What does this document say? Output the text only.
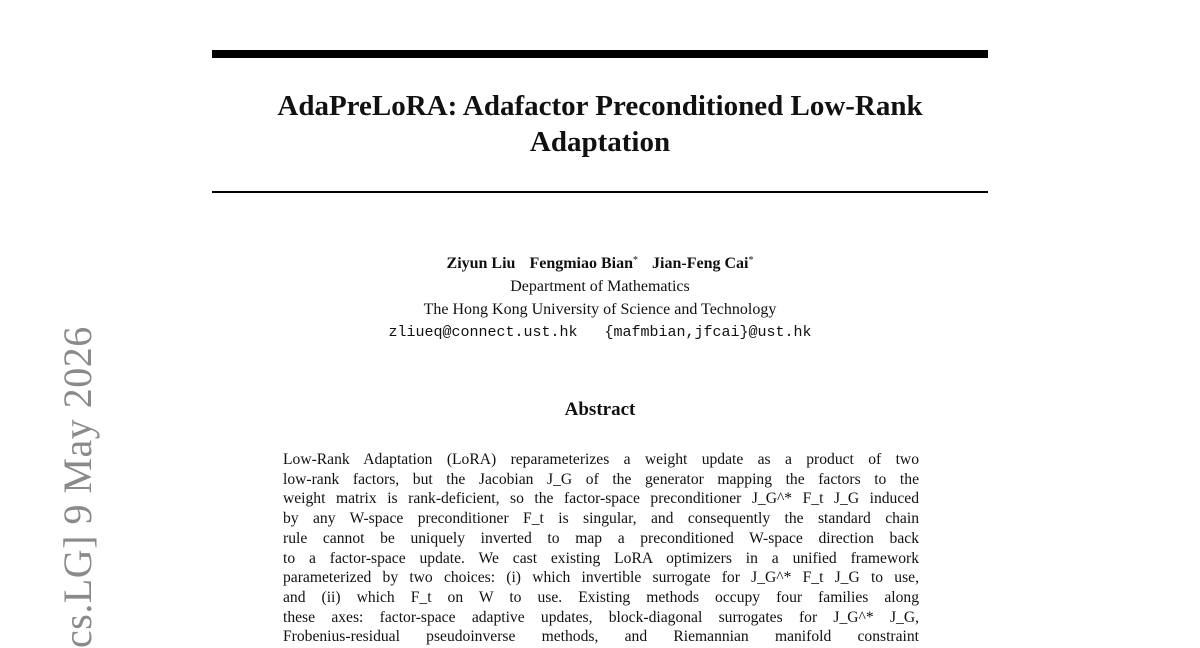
AdaPreLoRA: Adafactor Preconditioned Low-Rank
Adaptation
Ziyun Liu Fengmiao Bian* Jian-Feng Cai*
Department of Mathematics
The Hong Kong University of Science and Technology
zliueq@connect.ust.hk {mafmbian,jfcai}@ust.hk
Abstract
Low-Rank Adaptation (LoRA) reparameterizes a weight update as a product of two
low-rank factors, but the Jacobian J_G of the generator mapping the factors to the
weight matrix is rank-deficient, so the factor-space preconditioner J_G^* F_t J_G induced
by any W-space preconditioner F_t is singular, and consequently the standard chain
rule cannot be uniquely inverted to map a preconditioned W-space direction back
to a factor-space update. We cast existing LoRA optimizers in a unified framework
parameterized by two choices: (i) which invertible surrogate for J_G^* F_t J_G to use,
and (ii) which F_t on W to use. Existing methods occupy four families along
these axes: factor-space adaptive updates, block-diagonal surrogates for J_G^* J_G,
Frobenius-residual pseudoinverse methods, and Riemannian manifold constraint
cs.LG] 9 May 2026
